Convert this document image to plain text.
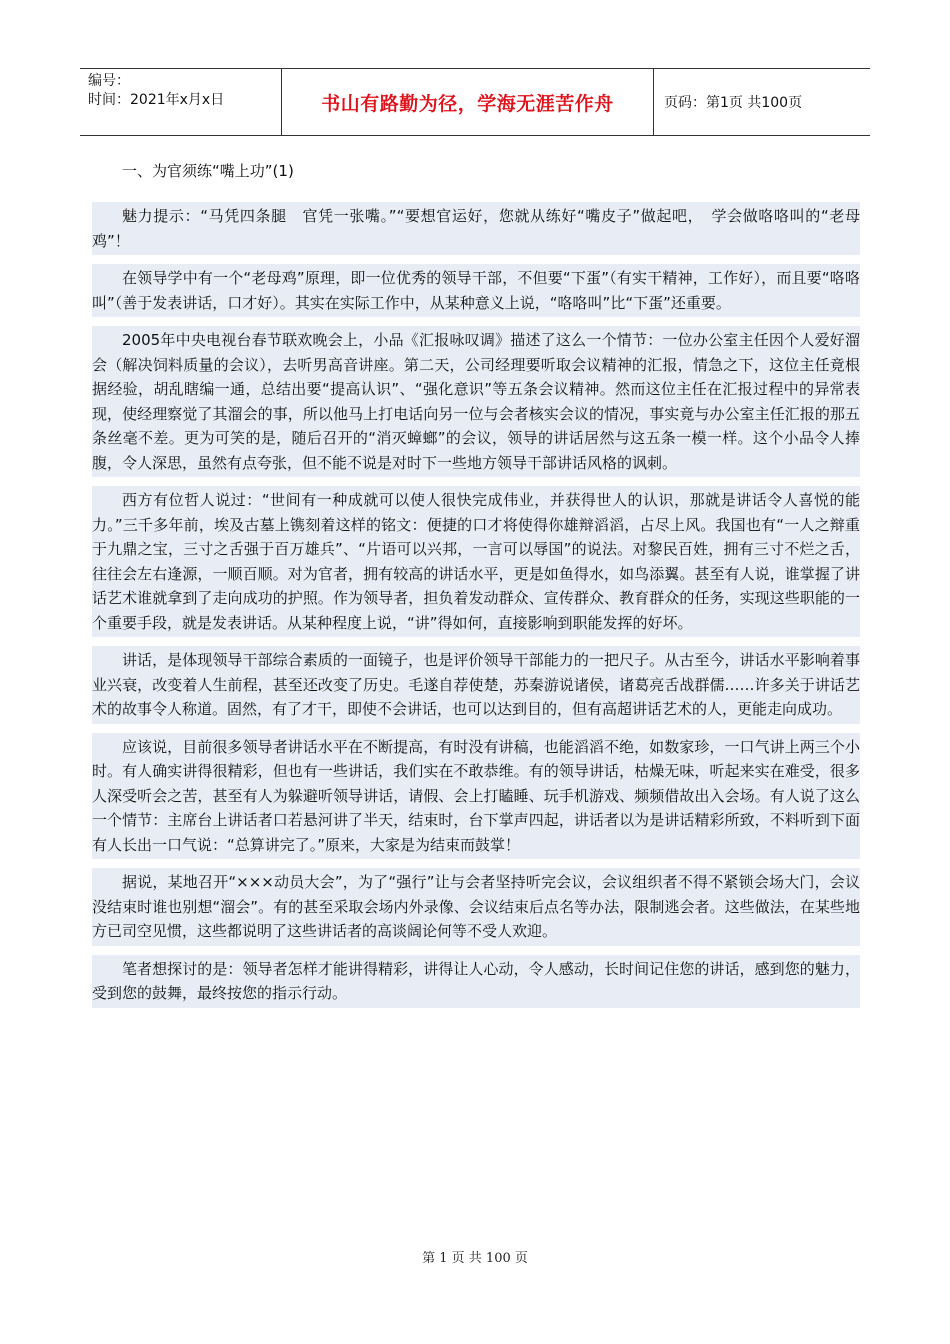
编号：
时间：2021年x月x日	书山有路勤为径，学海无涯苦作舟	页码：第1页 共100页
一、为官须练“嘴上功”(1)

魅力提示：“马凭四条腿　官凭一张嘴。”“要想官运好，您就从练好“嘴皮子”做起吧，　学会做咯咯叫的“老母鸡”！

在领导学中有一个“老母鸡”原理，即一位优秀的领导干部，不但要“下蛋”（有实干精神，工作好），而且要“咯咯叫”（善于发表讲话，口才好）。其实在实际工作中，从某种意义上说，“咯咯叫”比“下蛋”还重要。

2005年中央电视台春节联欢晚会上，小品《汇报咏叹调》描述了这么一个情节：一位办公室主任因个人爱好溜会（解决饲料质量的会议），去听男高音讲座。第二天，公司经理要听取会议精神的汇报，情急之下，这位主任竟根据经验，胡乱瞎编一通，总结出要“提高认识”、“强化意识”等五条会议精神。然而这位主任在汇报过程中的异常表现，使经理察觉了其溜会的事，所以他马上打电话向另一位与会者核实会议的情况，事实竟与办公室主任汇报的那五条丝毫不差。更为可笑的是，随后召开的“消灭蟑螂”的会议，领导的讲话居然与这五条一模一样。这个小品令人捧腹，令人深思，虽然有点夸张，但不能不说是对时下一些地方领导干部讲话风格的讽刺。

西方有位哲人说过：“世间有一种成就可以使人很快完成伟业，并获得世人的认识，那就是讲话令人喜悦的能力。”三千多年前，埃及古墓上镌刻着这样的铭文：便捷的口才将使得你雄辩滔滔，占尽上风。我国也有“一人之辩重于九鼎之宝，三寸之舌强于百万雄兵”、“片语可以兴邦，一言可以辱国”的说法。对黎民百姓，拥有三寸不烂之舌，往往会左右逢源，一顺百顺。对为官者，拥有较高的讲话水平，更是如鱼得水，如鸟添翼。甚至有人说，谁掌握了讲话艺术谁就拿到了走向成功的护照。作为领导者，担负着发动群众、宣传群众、教育群众的任务，实现这些职能的一个重要手段，就是发表讲话。从某种程度上说，“讲”得如何，直接影响到职能发挥的好坏。

讲话，是体现领导干部综合素质的一面镜子，也是评价领导干部能力的一把尺子。从古至今，讲话水平影响着事业兴衰，改变着人生前程，甚至还改变了历史。毛遂自荐使楚，苏秦游说诸侯，诸葛亮舌战群儒……许多关于讲话艺术的故事令人称道。固然，有了才干，即使不会讲话，也可以达到目的，但有高超讲话艺术的人，更能走向成功。

应该说，目前很多领导者讲话水平在不断提高，有时没有讲稿，也能滔滔不绝，如数家珍，一口气讲上两三个小时。有人确实讲得很精彩，但也有一些讲话，我们实在不敢恭维。有的领导讲话，枯燥无味，听起来实在难受，很多人深受听会之苦，甚至有人为躲避听领导讲话，请假、会上打瞌睡、玩手机游戏、频频借故出入会场。有人说了这么一个情节：主席台上讲话者口若悬河讲了半天，结束时，台下掌声四起，讲话者以为是讲话精彩所致，不料听到下面有人长出一口气说：“总算讲完了。”原来，大家是为结束而鼓掌！

据说，某地召开“×××动员大会”，为了“强行”让与会者坚持听完会议，会议组织者不得不紧锁会场大门，会议没结束时谁也别想“溜会”。有的甚至采取会场内外录像、会议结束后点名等办法，限制逃会者。这些做法，在某些地方已司空见惯，这些都说明了这些讲话者的高谈阔论何等不受人欢迎。

笔者想探讨的是：领导者怎样才能讲得精彩，讲得让人心动，令人感动，长时间记住您的讲话，感到您的魅力，受到您的鼓舞，最终按您的指示行动。

第 1 页 共 100 页
